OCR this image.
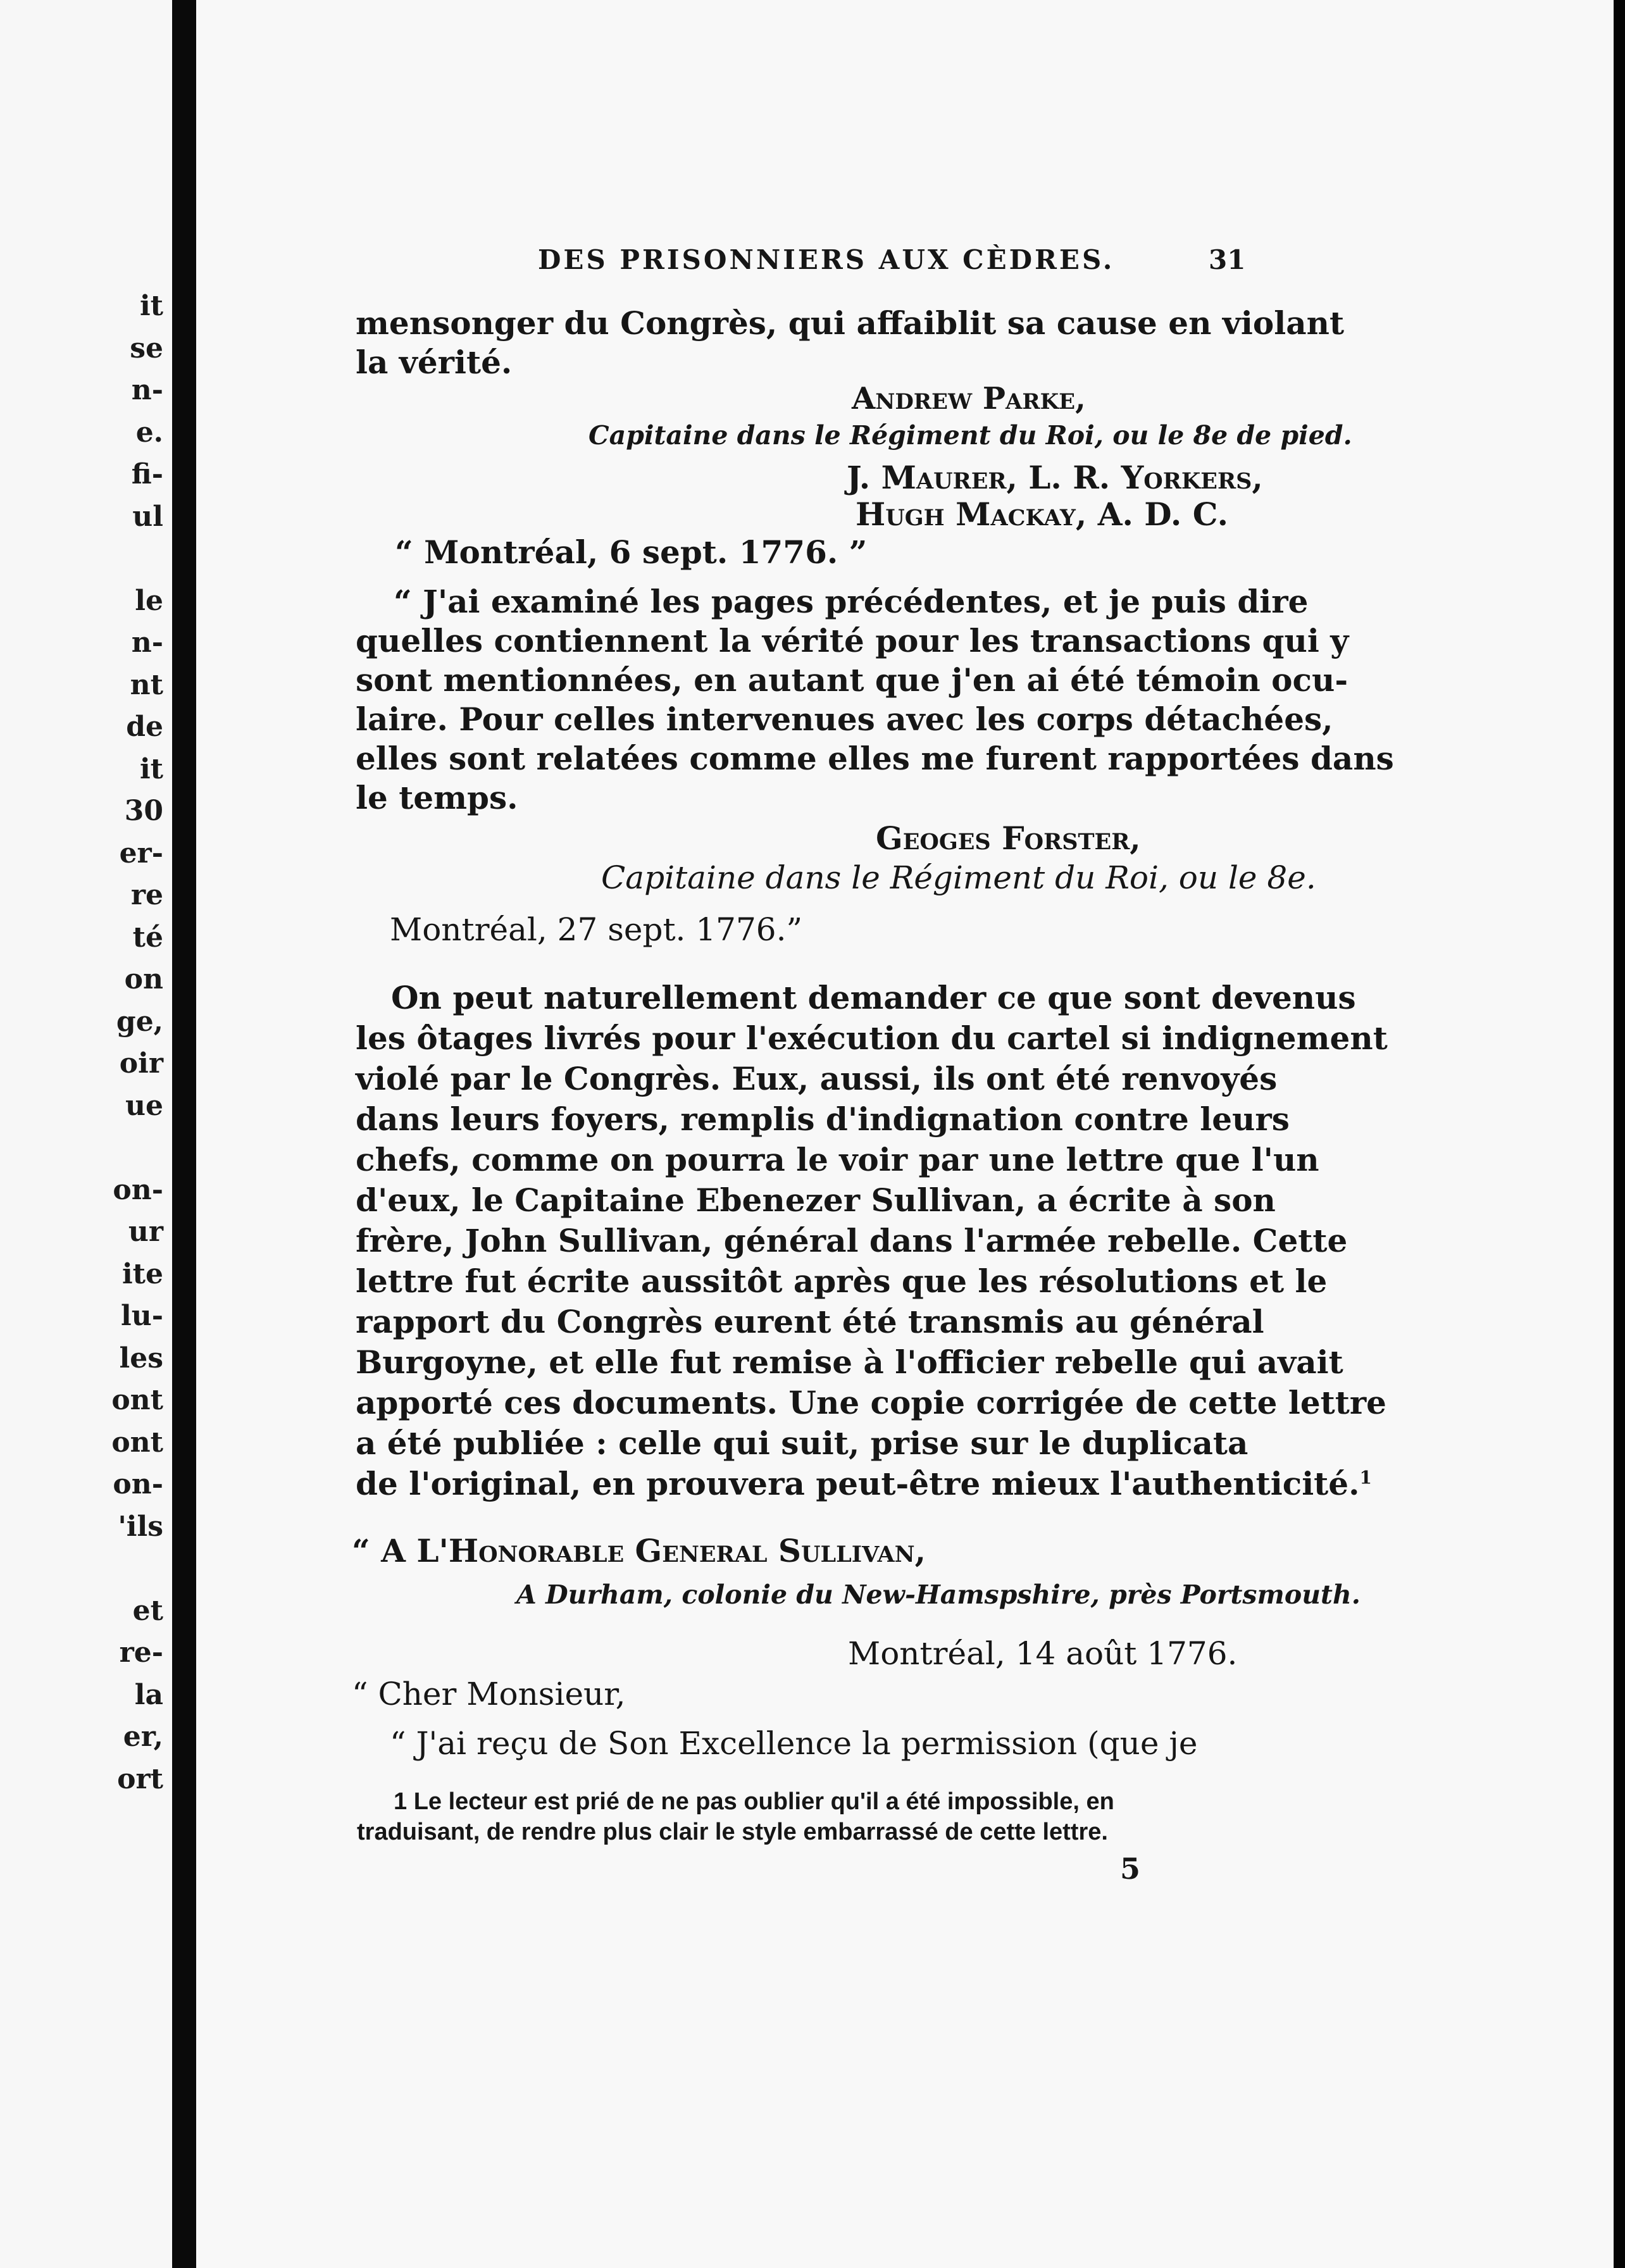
it

se

n-

e.

fi-

ul

le

n-

nt

de

it

30

er-

re

té

on

ge,

oir

ue

on-

ur

ite

lu-

les

ont

ont

on-

'ils

et

re-

la

er,

ort

DES PRISONNIERS AUX CÈDRES.	31

mensonger du Congrès, qui affaiblit sa cause en violant

la vérité.

Andrew Parke,

Capitaine dans le Régiment du Roi, ou le 8e de pied.

J. Maurer, L. R. Yorkers,

Hugh Mackay, A. D. C.

“ Montréal, 6 sept. 1776. ”

“ J'ai examiné les pages précédentes, et je puis dire

quelles contiennent la vérité pour les transactions qui y

sont mentionnées, en autant que j'en ai été témoin ocu-

laire. Pour celles intervenues avec les corps détachées,

elles sont relatées comme elles me furent rapportées dans

le temps.

Geoges Forster,

Capitaine dans le Régiment du Roi, ou le 8e.

Montréal, 27 sept. 1776.”

On peut naturellement demander ce que sont devenus

les ôtages livrés pour l'exécution du cartel si indignement

violé par le Congrès. Eux, aussi, ils ont été renvoyés

dans leurs foyers, remplis d'indignation contre leurs

chefs, comme on pourra le voir par une lettre que l'un

d'eux, le Capitaine Ebenezer Sullivan, a écrite à son

frère, John Sullivan, général dans l'armée rebelle. Cette

lettre fut écrite aussitôt après que les résolutions et le

rapport du Congrès eurent été transmis au général

Burgoyne, et elle fut remise à l'officier rebelle qui avait

apporté ces documents. Une copie corrigée de cette lettre

a été publiée : celle qui suit, prise sur le duplicata

de l'original, en prouvera peut-être mieux l'authenticité.$^1$

“ A L'Honorable General Sullivan,

A Durham, colonie du New-Hamspshire, près Portsmouth.

Montréal, 14 août 1776.

“ Cher Monsieur,

“ J'ai reçu de Son Excellence la permission (que je

1 Le lecteur est prié de ne pas oublier qu'il a été impossible, en

traduisant, de rendre plus clair le style embarrassé de cette lettre.

5
